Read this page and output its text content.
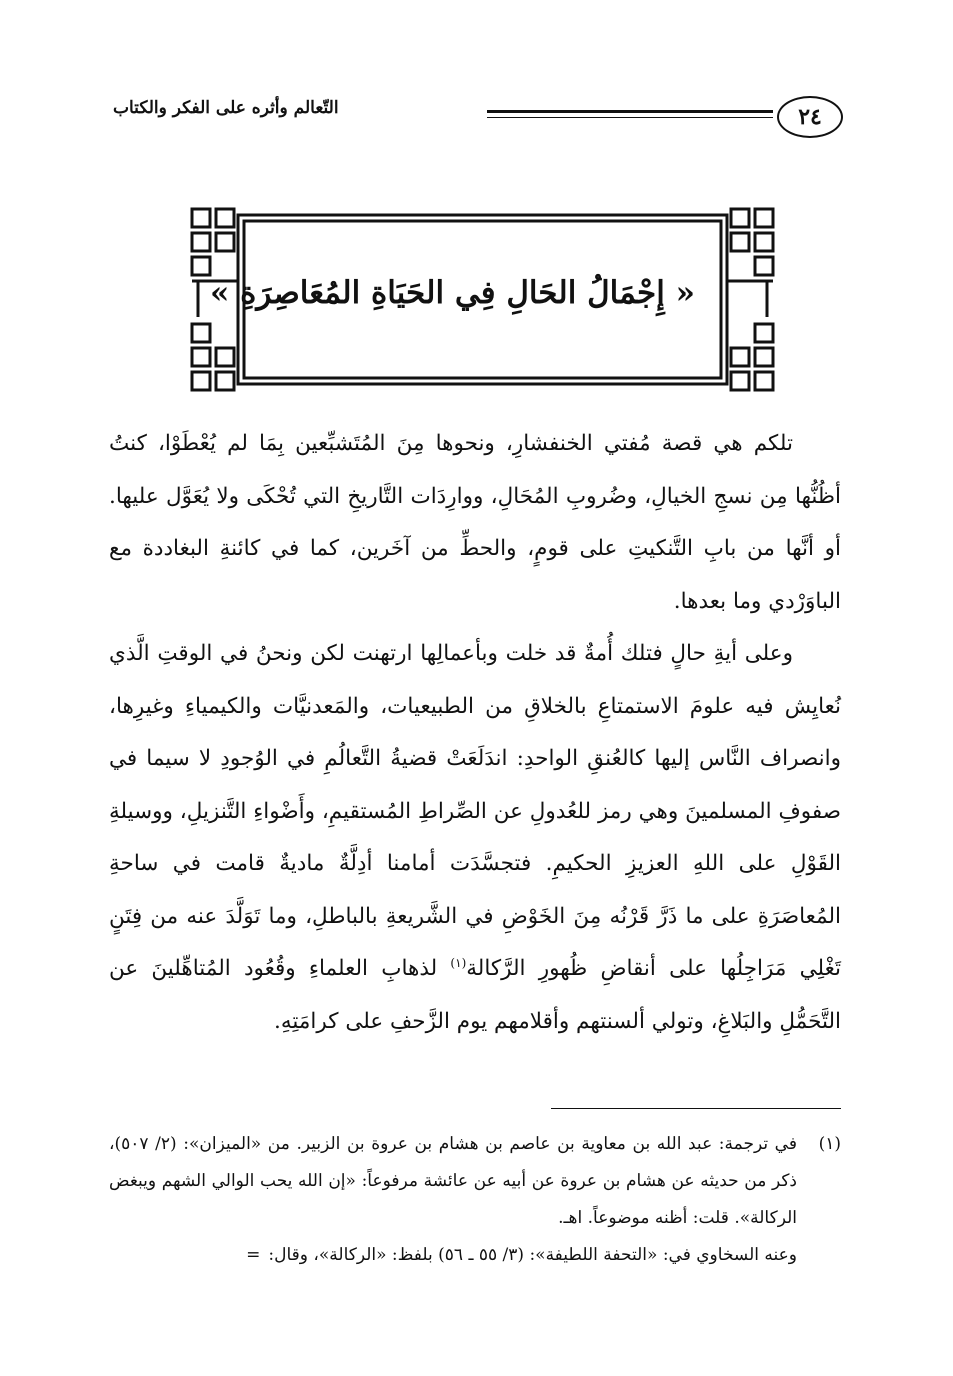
٢٤
التّعالم وأثره على الفكر والكتاب
« إِجْمَالُ الحَالِ فِي الحَيَاةِ المُعَاصِرَةِ »

تلكم هي قصة مُفتي الخنفشارِ، ونحوها مِنَ المُتَشبِّعين بِمَا لم يُعْطَوْا، كنتُ أظُنُّها مِن نسجِ الخيالِ، وضُروبِ المُحَالِ، ووارِدَات التَّاريخِ التي تُحْكَى ولا يُعَوَّل عليها. أو أنَّها من بابِ التَّنكيتِ على قومٍ، والحطِّ من آخَرين، كما في كائنةِ البغاددة مع الباوَرْدي وما بعدها.

وعلى أيةِ حالٍ فتلك أُمةٌ قد خلت وبأعمالِها ارتهنت لكن ونحنُ في الوقتِ الَّذي نُعايِش فيه علومَ الاستمتاعِ بالخلاقِ من الطبيعيات، والمَعدنيَّات والكيمياءِ وغيرِها، وانصراف النَّاس إليها كالعُنقِ الواحدِ: اندَلَعَتْ قضيةُ التَّعالُمِ في الوُجودِ لا سيما في صفوفِ المسلمينَ وهي رمز للعُدولِ عن الصِّراطِ المُستقيمِ، وأَضْواءِ التَّنزيلِ، ووسيلةِ القَوْلِ على اللهِ العزيزِ الحكيمِ. فتجسَّدَت أمامنا أدِلَّةٌ ماديةٌ قامت في ساحةِ المُعاصَرَةِ على ما ذَرَّ قَرْنُه مِنَ الخَوْضِ في الشَّريعةِ بالباطلِ، وما تَوَلَّدَ عنه من فِتَنٍ تَغْلِي مَرَاجِلُها على أنقاضِ ظُهورِ الرَّكالة$^{(١)}$ لذهابِ العلماءِ وقُعُود المُتاهِّلينَ عن التَّحَمُّلِ والبَلاغِ، وتولي ألسنتهم وأقلامهم يوم الزَّحفِ على كرامَتِهِ.

(١)
في ترجمة: عبد الله بن معاوية بن عاصم بن هشام بن عروة بن الزبير. من «الميزان»: (٢/ ٥٠٧)، ذكر من حديثه عن هشام بن عروة عن أبيه عن عائشة مرفوعاً: «إن الله يحب الوالي الشهم ويبغض الركالة». قلت: أظنه موضوعاً. اهـ.
وعنه السخاوي في: «التحفة اللطيفة»: (٣/ ٥٥ ـ ٥٦) بلفظ: «الركالة»، وقال:=
